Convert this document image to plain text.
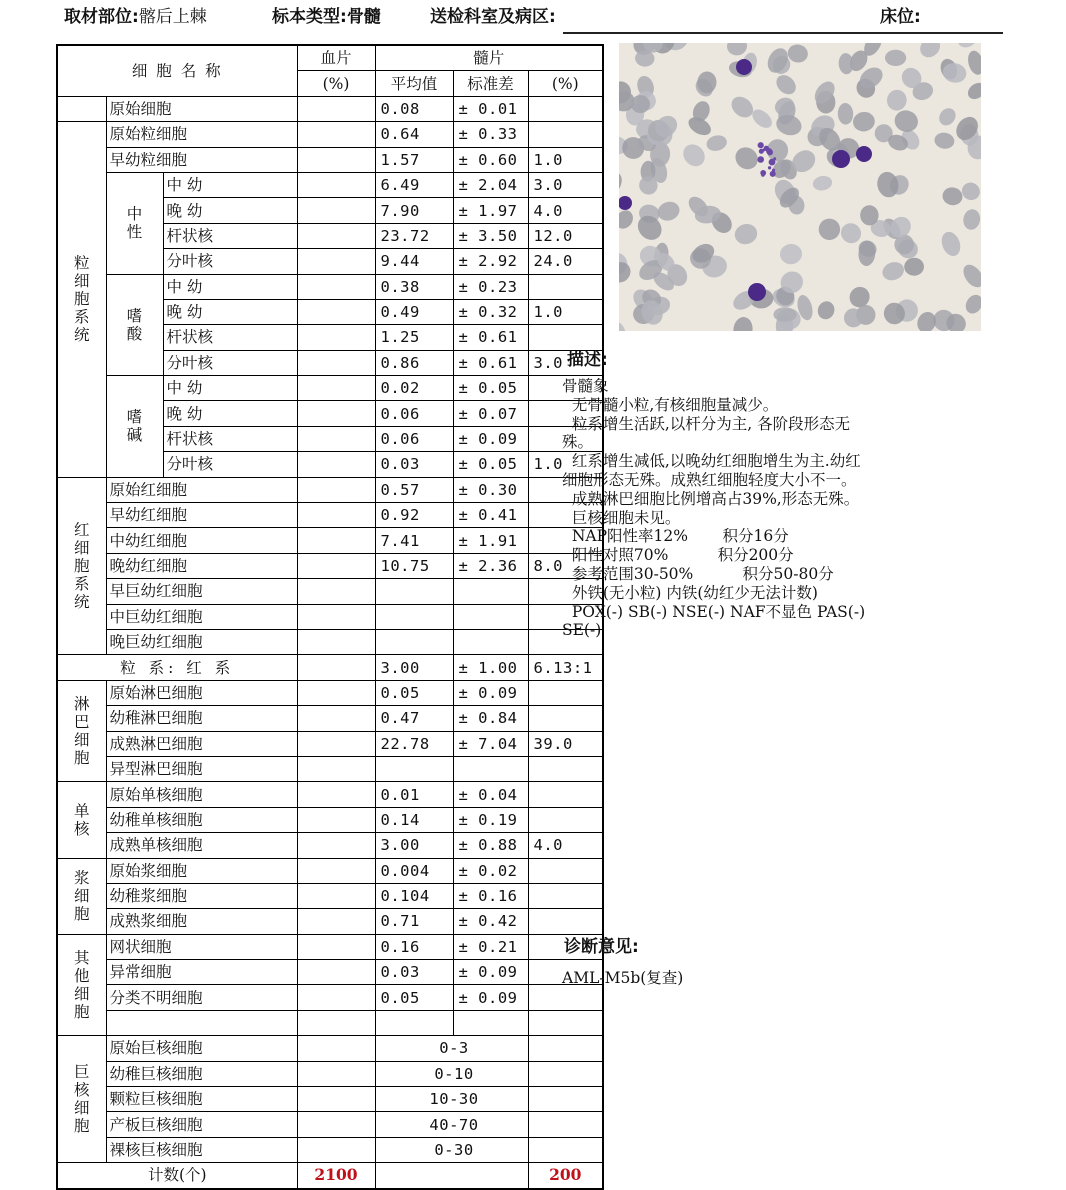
取材部位:髂后上棘	标本类型:骨髓	送检科室及病区:	床位:
细 胞 名 称			血片	髓片		
			(%)	平均值	标准差	(%)
	原始细胞			0.08	± 0.01	

粒
细
胞
系
统	原始粒细胞			0.64	± 0.33	
	早幼粒细胞			1.57	± 0.60	1.0

	中
性	中 幼		6.49	± 2.04	3.0
		晚 幼		7.90	± 1.97	4.0
		杆状核		23.72	± 3.50	12.0
		分叶核		9.44	± 2.92	24.0

	嗜
酸	中 幼		0.38	± 0.23	
		晚 幼		0.49	± 0.32	1.0
		杆状核		1.25	± 0.61	
		分叶核		0.86	± 0.61	3.0

	嗜
碱	中 幼		0.02	± 0.05	
		晚 幼		0.06	± 0.07	
		杆状核		0.06	± 0.09	
		分叶核		0.03	± 0.05	1.0

红
细
胞
系
统	原始红细胞			0.57	± 0.30	
	早幼红细胞			0.92	± 0.41	
	中幼红细胞			7.41	± 1.91	
	晚幼红细胞			10.75	± 2.36	8.0
	早巨幼红细胞					
	中巨幼红细胞					
	晚巨幼红细胞					
粒 系: 红 系				3.00	± 1.00	6.13:1

淋
巴
细
胞	原始淋巴细胞			0.05	± 0.09	
	幼稚淋巴细胞			0.47	± 0.84	
	成熟淋巴细胞			22.78	± 7.04	39.0
	异型淋巴细胞					

单
核	原始单核细胞			0.01	± 0.04	
	幼稚单核细胞			0.14	± 0.19	
	成熟单核细胞			3.00	± 0.88	4.0

浆
细
胞	原始浆细胞			0.004	± 0.02	
	幼稚浆细胞			0.104	± 0.16	
	成熟浆细胞			0.71	± 0.42	

其
他
细
胞	网状细胞			0.16	± 0.21	
	异常细胞			0.03	± 0.09	
	分类不明细胞			0.05	± 0.09	

巨
核
细
胞	原始巨核细胞			0-3		
	幼稚巨核细胞			0-10		
	颗粒巨核细胞			10-30		
	产板巨核细胞			40-70		
	裸核巨核细胞			0-30		
计数(个)			2100			200
描述:
骨髓象
无骨髓小粒,有核细胞量减少。
粒系增生活跃,以杆分为主, 各阶段形态无
殊。
红系增生减低,以晚幼红细胞增生为主.幼红
细胞形态无殊。成熟红细胞轻度大小不一。
成熟淋巴细胞比例增高占39%,形态无殊。
巨核细胞未见。
NAP阳性率12%       积分16分
阳性对照70%          积分200分
参考范围30-50%          积分50-80分
外铁(无小粒) 内铁(幼红少无法计数)
POX(-) SB(-) NSE(-) NAF不显色 PAS(-)
SE(-)
诊断意见:
AML-M5b(复查)
